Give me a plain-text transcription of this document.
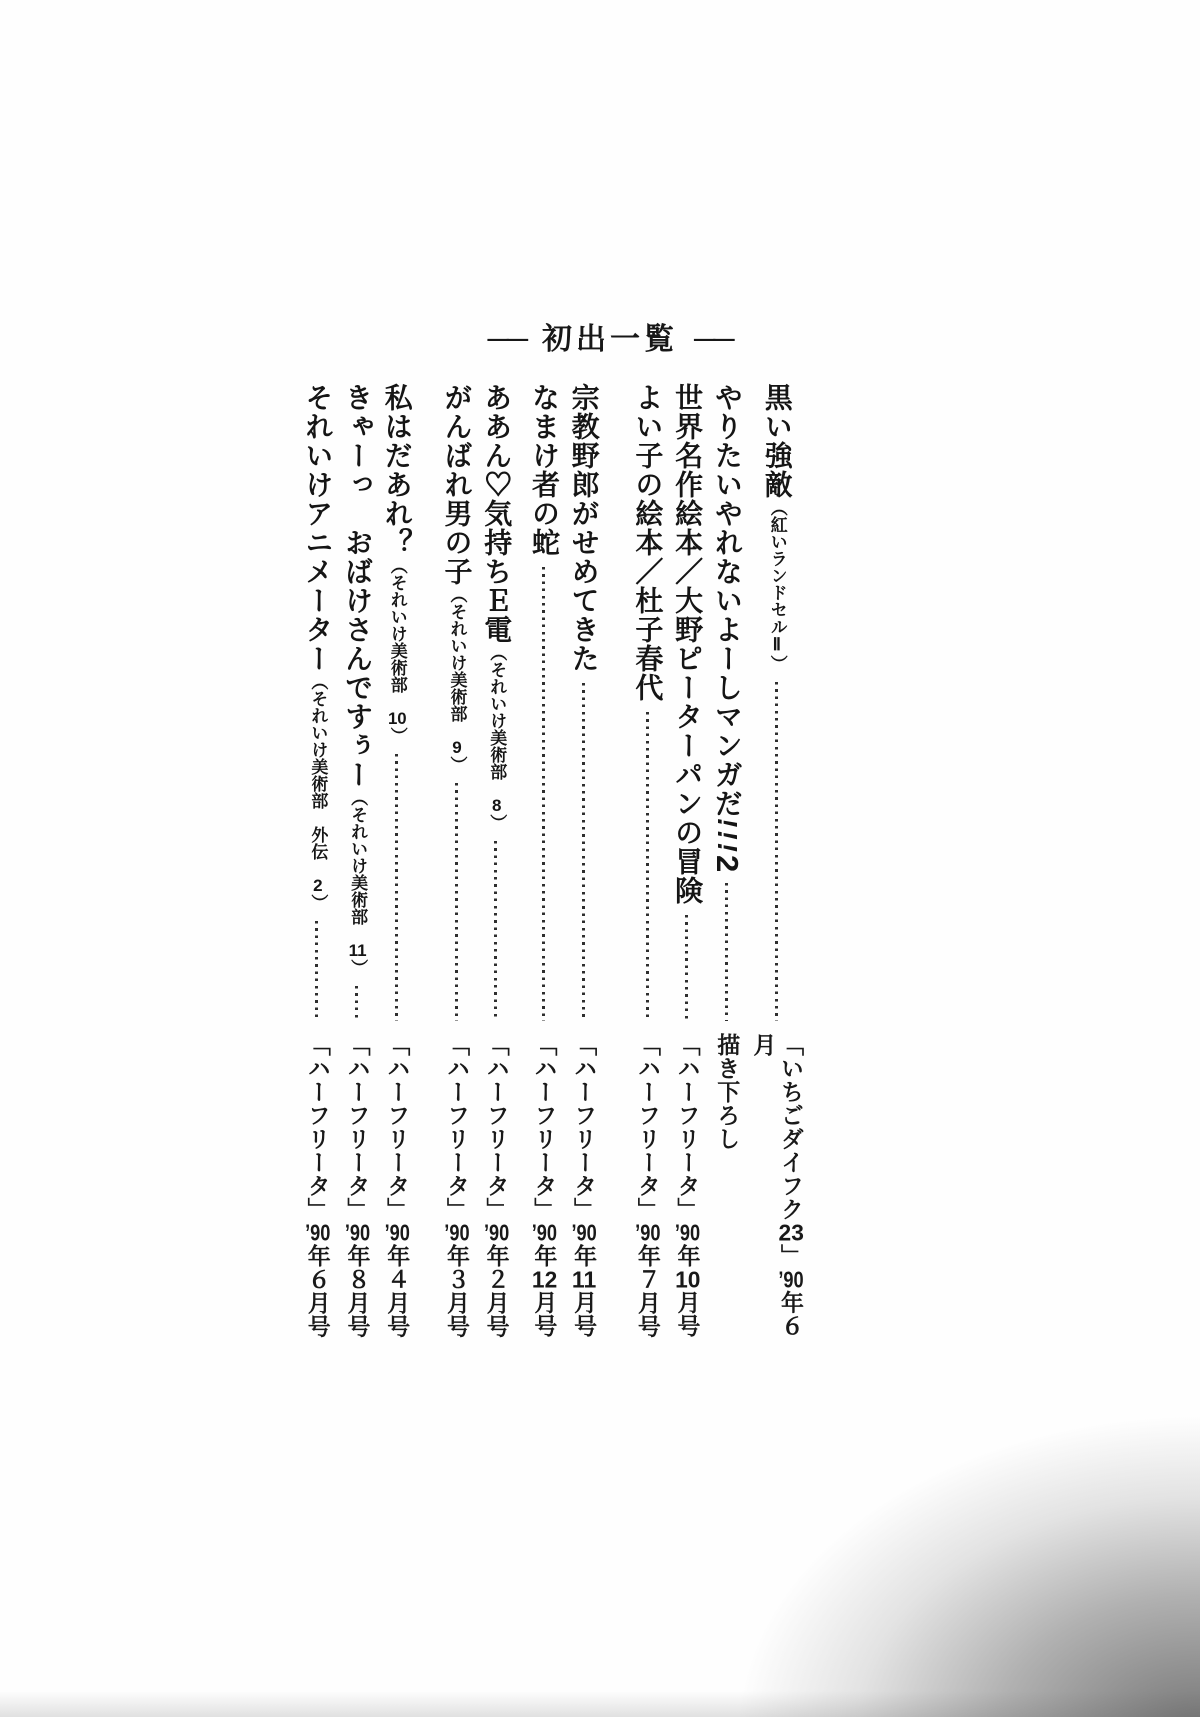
── 初出一覧 ──
黒い強敵（紅いランドセルⅡ）
「いちごダイフク23」’90年６月
やりたいやれないよーしマンガだ!!!2
描き下ろし
世界名作絵本／大野ピーターパンの冒険
「ハーフリータ」’90年10月号
よい子の絵本／杜子春代
「ハーフリータ」’90年７月号
宗教野郎がせめてきた
「ハーフリータ」’90年11月号
なまけ者の蛇
「ハーフリータ」’90年12月号
ああん♡気持ちＥ電（それいけ美術部　8）
「ハーフリータ」’90年２月号
がんばれ男の子（それいけ美術部　9）
「ハーフリータ」’90年３月号
私はだあれ？（それいけ美術部　10）
「ハーフリータ」’90年４月号
きゃーっ　おばけさんですぅー（それいけ美術部　11）
「ハーフリータ」’90年８月号
それいけアニメーター（それいけ美術部　外伝　2）
「ハーフリータ」’90年６月号
